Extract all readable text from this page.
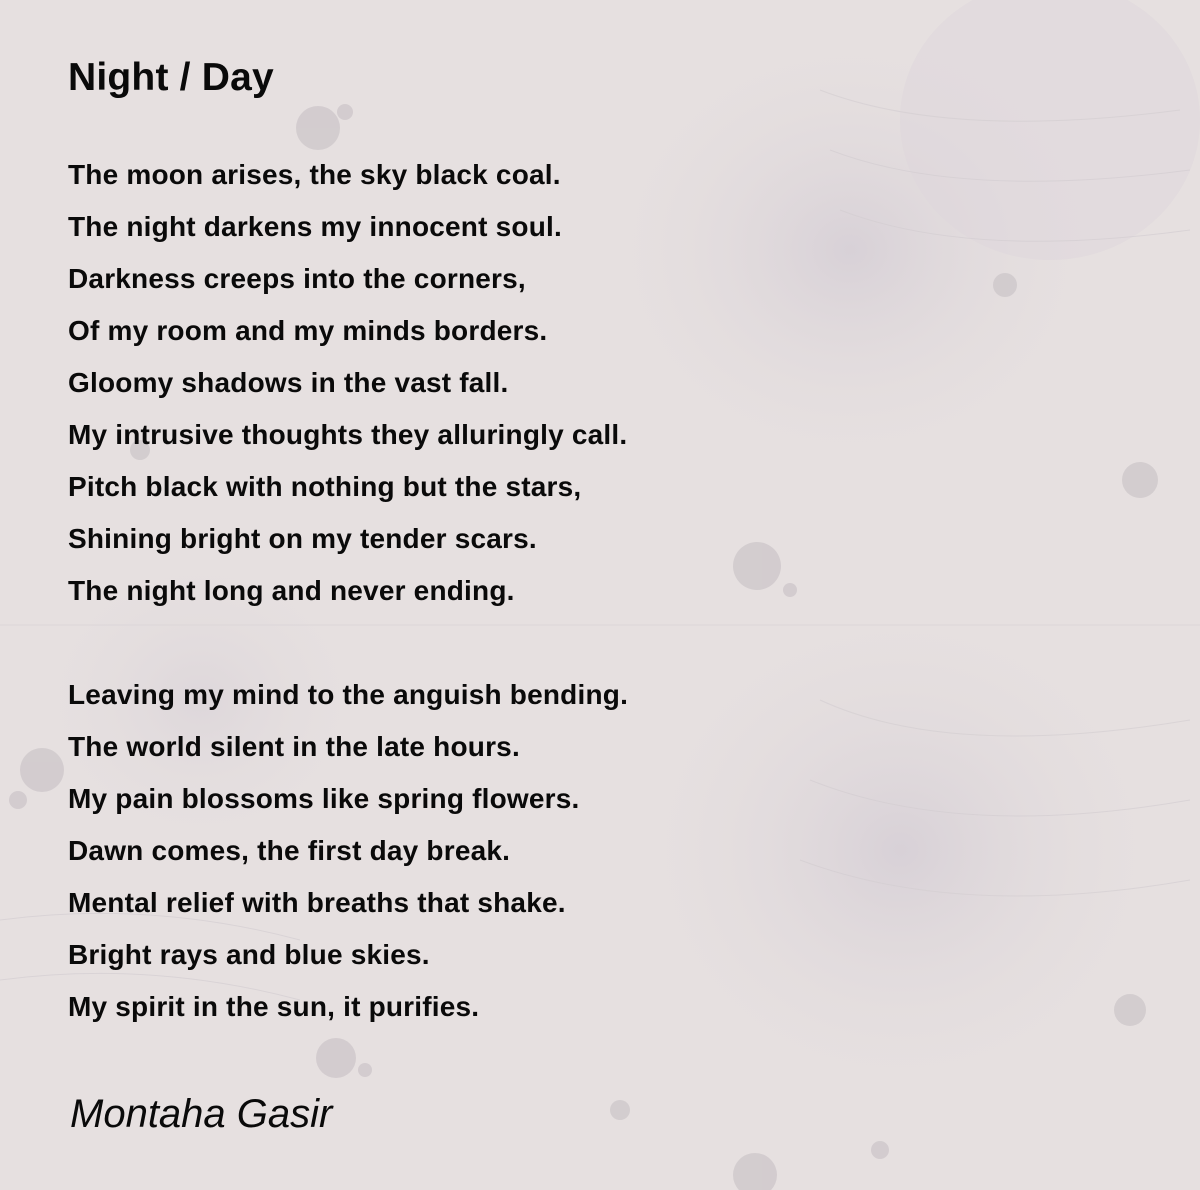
Night / Day
The moon arises, the sky black coal.
The night darkens my innocent soul.
Darkness creeps into the corners,
Of my room and my minds borders.
Gloomy shadows in the vast fall.
My intrusive thoughts they alluringly call.
Pitch black with nothing but the stars,
Shining bright on my tender scars.
The night long and never ending.
Leaving my mind to the anguish bending.
The world silent in the late hours.
My pain blossoms like spring flowers.
Dawn comes, the first day break.
Mental relief with breaths that shake.
Bright rays and blue skies.
My spirit in the sun, it purifies.
Montaha Gasir
